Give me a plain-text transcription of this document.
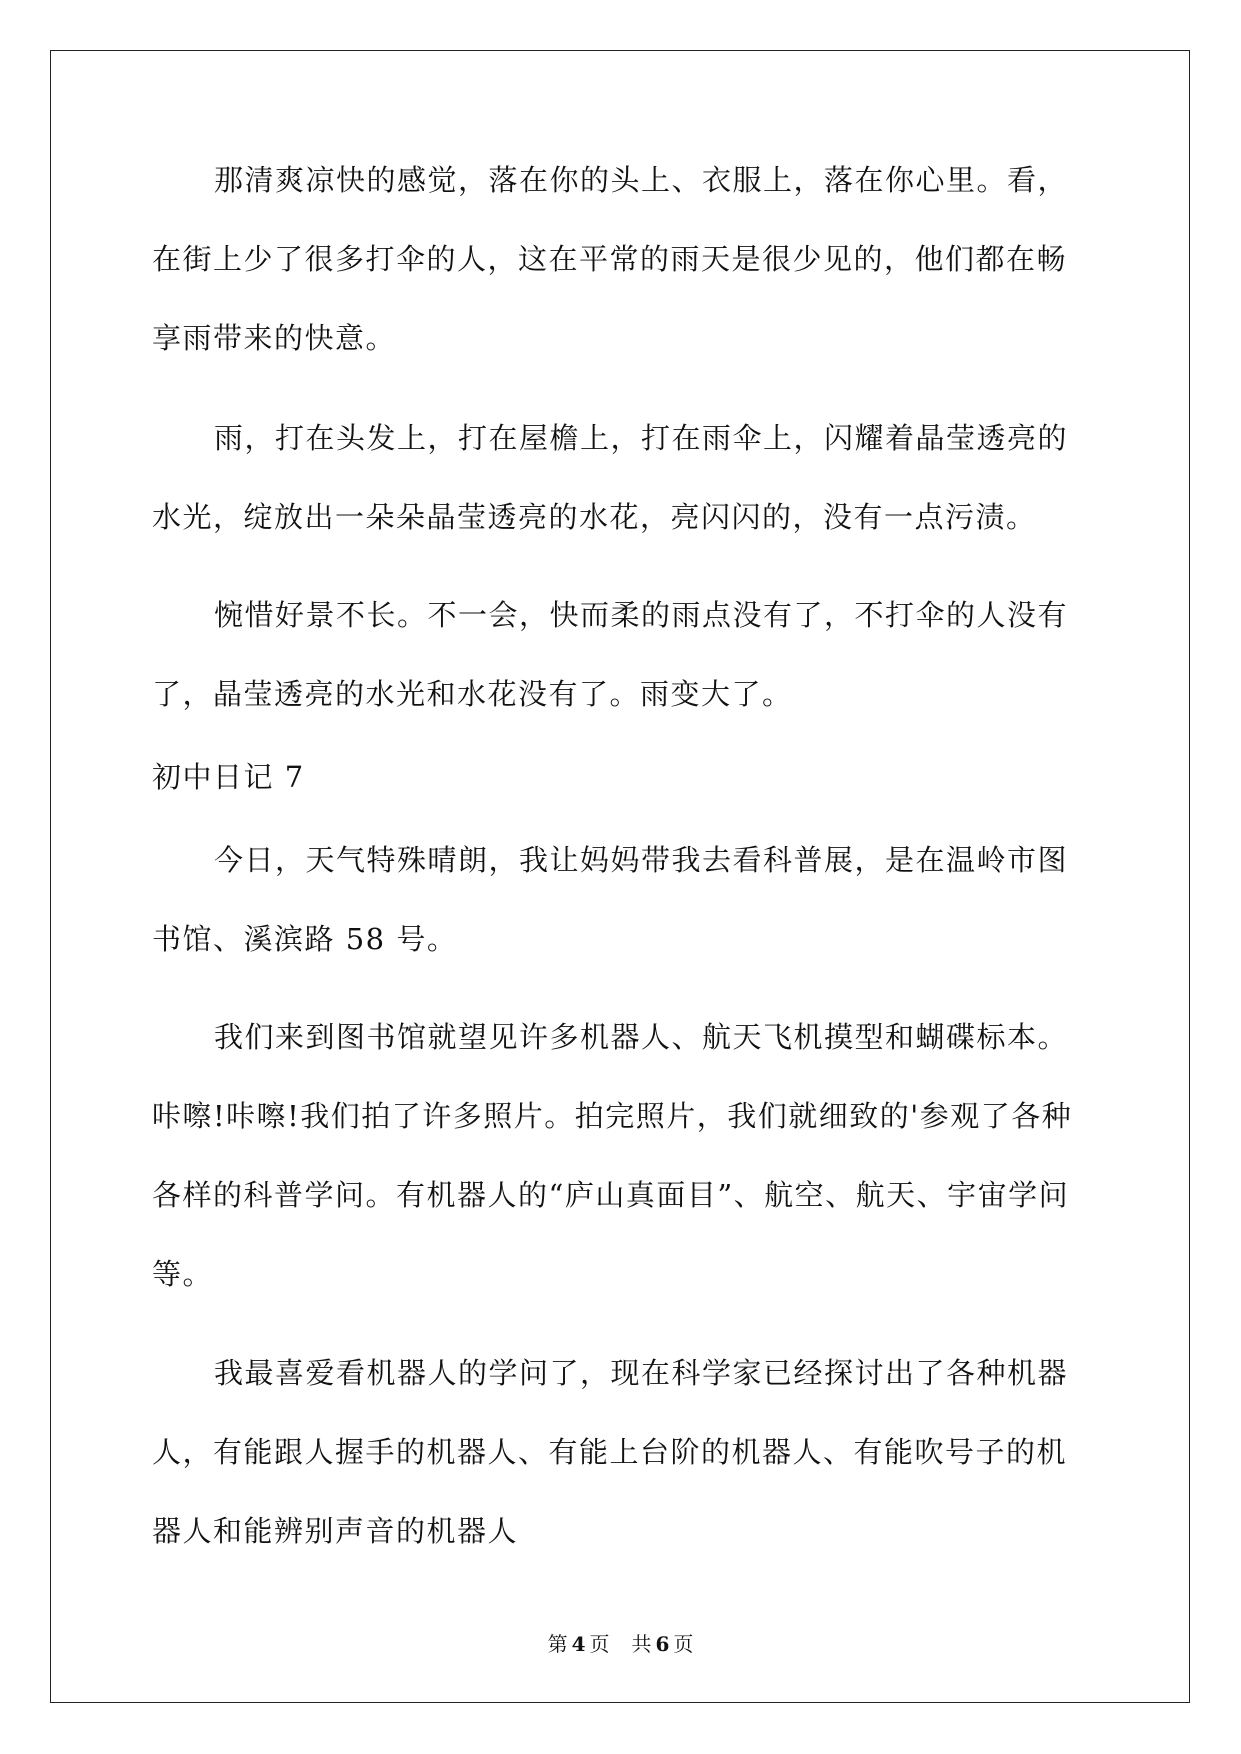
那清爽凉快的感觉，落在你的头上、衣服上，落在你心里。看，
在街上少了很多打伞的人，这在平常的雨天是很少见的，他们都在畅
享雨带来的快意。
雨，打在头发上，打在屋檐上，打在雨伞上，闪耀着晶莹透亮的
水光，绽放出一朵朵晶莹透亮的水花，亮闪闪的，没有一点污渍。
惋惜好景不长。不一会，快而柔的雨点没有了，不打伞的人没有
了，晶莹透亮的水光和水花没有了。雨变大了。
初中日记 7
今日，天气特殊晴朗，我让妈妈带我去看科普展，是在温岭市图
书馆、溪滨路 58 号。
我们来到图书馆就望见许多机器人、航天飞机摸型和蝴碟标本。
咔嚓!咔嚓!我们拍了许多照片。拍完照片，我们就细致的'参观了各种
各样的科普学问。有机器人的“庐山真面目”、航空、航天、宇宙学问
等。
我最喜爱看机器人的学问了，现在科学家已经探讨出了各种机器
人，有能跟人握手的机器人、有能上台阶的机器人、有能吹号子的机
器人和能辨别声音的机器人
第 4 页 共 6 页
